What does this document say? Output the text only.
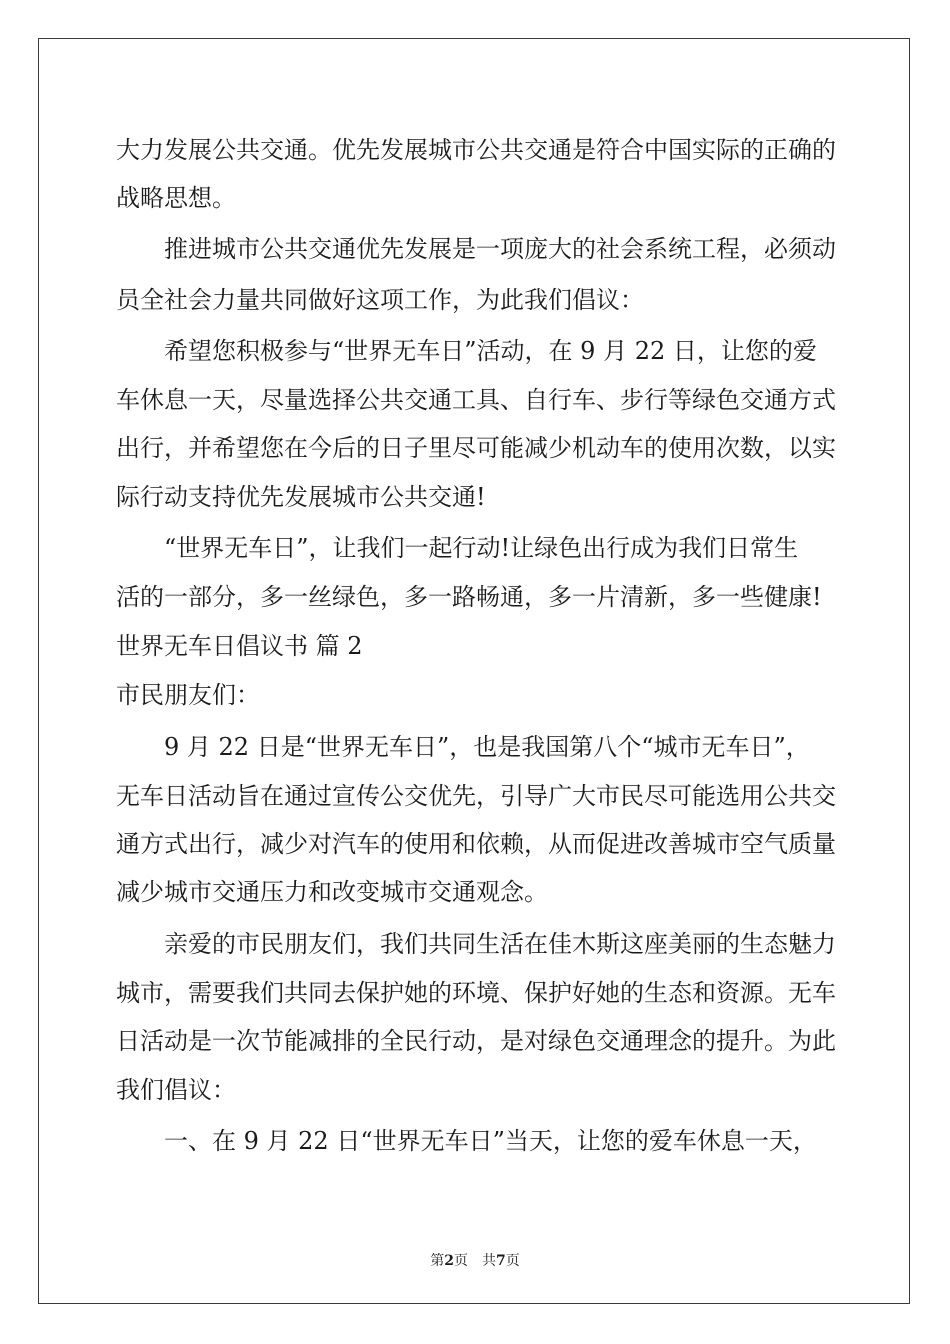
大力发展公共交通。优先发展城市公共交通是符合中国实际的正确的
战略思想。
推进城市公共交通优先发展是一项庞大的社会系统工程，必须动
员全社会力量共同做好这项工作，为此我们倡议：
希望您积极参与“世界无车日”活动，在 9 月 22 日，让您的爱
车休息一天，尽量选择公共交通工具、自行车、步行等绿色交通方式
出行，并希望您在今后的日子里尽可能减少机动车的使用次数，以实
际行动支持优先发展城市公共交通!
“世界无车日”，让我们一起行动!让绿色出行成为我们日常生
活的一部分，多一丝绿色，多一路畅通，多一片清新，多一些健康!
世界无车日倡议书 篇 2
市民朋友们：
9 月 22 日是“世界无车日”，也是我国第八个“城市无车日”，
无车日活动旨在通过宣传公交优先，引导广大市民尽可能选用公共交
通方式出行，减少对汽车的使用和依赖，从而促进改善城市空气质量
减少城市交通压力和改变城市交通观念。
亲爱的市民朋友们，我们共同生活在佳木斯这座美丽的生态魅力
城市，需要我们共同去保护她的环境、保护好她的生态和资源。无车
日活动是一次节能减排的全民行动，是对绿色交通理念的提升。为此
我们倡议：
一、在 9 月 22 日“世界无车日”当天，让您的爱车休息一天，
第2页　共7页
